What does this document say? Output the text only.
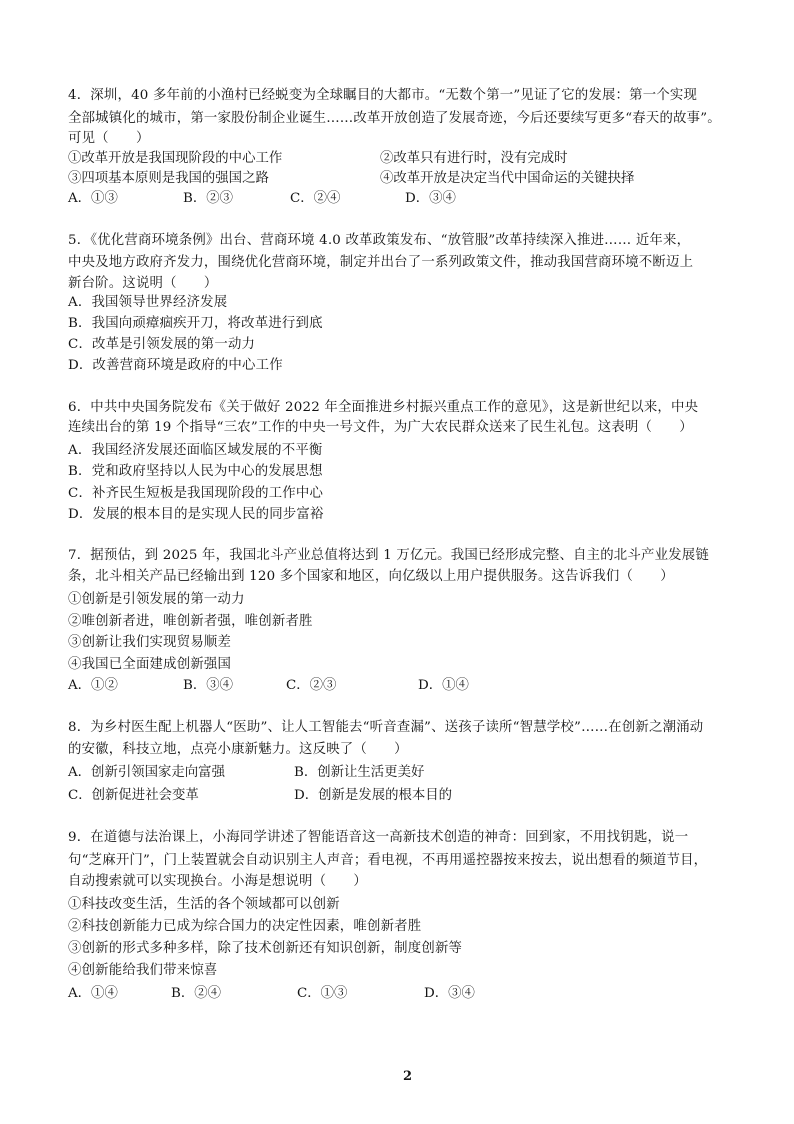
4．深圳，40 多年前的小渔村已经蜕变为全球瞩目的大都市。“无数个第一”见证了它的发展：第一个实现
全部城镇化的城市，第一家股份制企业诞生……改革开放创造了发展奇迹，今后还要续写更多“春天的故事”。
可见（　　）
①改革开放是我国现阶段的中心工作	②改革只有进行时，没有完成时
③四项基本原则是我国的强国之路	④改革开放是决定当代中国命运的关键抉择
A．①③	B．②③	C．②④	D．③④
5．《优化营商环境条例》出台、营商环境 4.0 改革政策发布、“放管服”改革持续深入推进…… 近年来，
中央及地方政府齐发力，围绕优化营商环境，制定并出台了一系列政策文件，推动我国营商环境不断迈上
新台阶。这说明（　　）
A．我国领导世界经济发展
B．我国向顽瘴痼疾开刀，将改革进行到底
C．改革是引领发展的第一动力
D．改善营商环境是政府的中心工作
6．中共中央国务院发布《关于做好 2022 年全面推进乡村振兴重点工作的意见》，这是新世纪以来，中央
连续出台的第 19 个指导“三农”工作的中央一号文件，为广大农民群众送来了民生礼包。这表明（　　）
A．我国经济发展还面临区域发展的不平衡
B．党和政府坚持以人民为中心的发展思想
C．补齐民生短板是我国现阶段的工作中心
D．发展的根本目的是实现人民的同步富裕
7．据预估，到 2025 年，我国北斗产业总值将达到 1 万亿元。我国已经形成完整、自主的北斗产业发展链
条，北斗相关产品已经输出到 120 多个国家和地区，向亿级以上用户提供服务。这告诉我们（　　）
①创新是引领发展的第一动力
②唯创新者进，唯创新者强，唯创新者胜
③创新让我们实现贸易顺差
④我国已全面建成创新强国
A．①②	B．③④	C．②③	D．①④
8．为乡村医生配上机器人“医助”、让人工智能去“听音查漏”、送孩子读所“智慧学校”……在创新之潮涌动
的安徽，科技立地，点亮小康新魅力。这反映了（　　）
A．创新引领国家走向富强	B．创新让生活更美好
C．创新促进社会变革	D．创新是发展的根本目的
9．在道德与法治课上，小海同学讲述了智能语音这一高新技术创造的神奇：回到家，不用找钥匙，说一
句“芝麻开门”，门上装置就会自动识别主人声音；看电视，不再用遥控器按来按去，说出想看的频道节目，
自动搜索就可以实现换台。小海是想说明（　　）
①科技改变生活，生活的各个领域都可以创新
②科技创新能力已成为综合国力的决定性因素，唯创新者胜
③创新的形式多种多样，除了技术创新还有知识创新，制度创新等
④创新能给我们带来惊喜
A．①④	B．②④	C．①③	D．③④
2
